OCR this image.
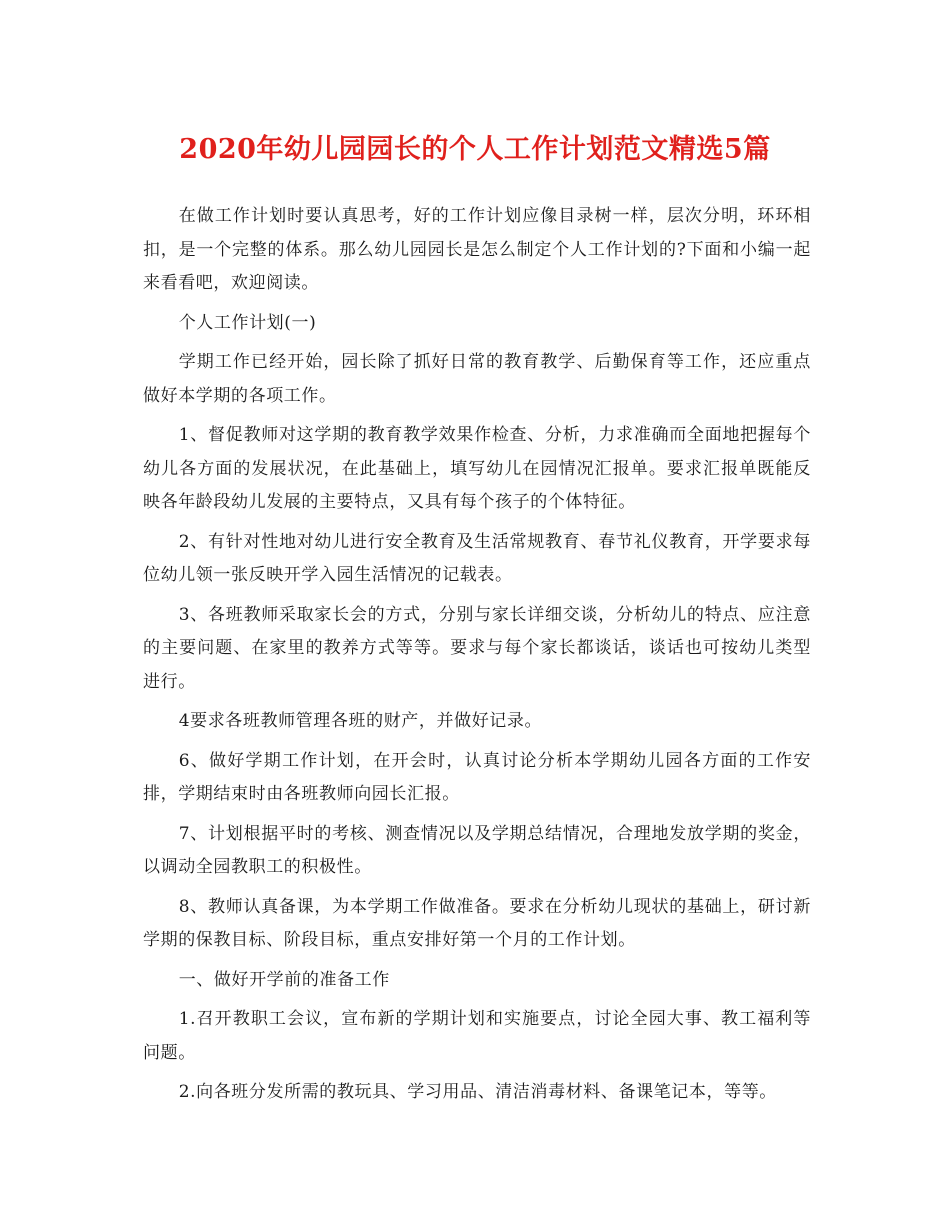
2020年幼儿园园长的个人工作计划范文精选5篇

在做工作计划时要认真思考，好的工作计划应像目录树一样，层次分明，环环相扣，是一个完整的体系。那么幼儿园园长是怎么制定个人工作计划的?下面和小编一起来看看吧，欢迎阅读。

个人工作计划(一)

学期工作已经开始，园长除了抓好日常的教育教学、后勤保育等工作，还应重点做好本学期的各项工作。

1、督促教师对这学期的教育教学效果作检查、分析，力求准确而全面地把握每个幼儿各方面的发展状况，在此基础上，填写幼儿在园情况汇报单。要求汇报单既能反映各年龄段幼儿发展的主要特点，又具有每个孩子的个体特征。

2、有针对性地对幼儿进行安全教育及生活常规教育、春节礼仪教育，开学要求每位幼儿领一张反映开学入园生活情况的记载表。

3、各班教师采取家长会的方式，分别与家长详细交谈，分析幼儿的特点、应注意的主要问题、在家里的教养方式等等。要求与每个家长都谈话，谈话也可按幼儿类型进行。

4要求各班教师管理各班的财产，并做好记录。

6、做好学期工作计划，在开会时，认真讨论分析本学期幼儿园各方面的工作安排，学期结束时由各班教师向园长汇报。

7、计划根据平时的考核、测查情况以及学期总结情况，合理地发放学期的奖金，以调动全园教职工的积极性。

8、教师认真备课，为本学期工作做准备。要求在分析幼儿现状的基础上，研讨新学期的保教目标、阶段目标，重点安排好第一个月的工作计划。

一、做好开学前的准备工作

1.召开教职工会议，宣布新的学期计划和实施要点，讨论全园大事、教工福利等问题。

2.向各班分发所需的教玩具、学习用品、清洁消毒材料、备课笔记本，等等。
